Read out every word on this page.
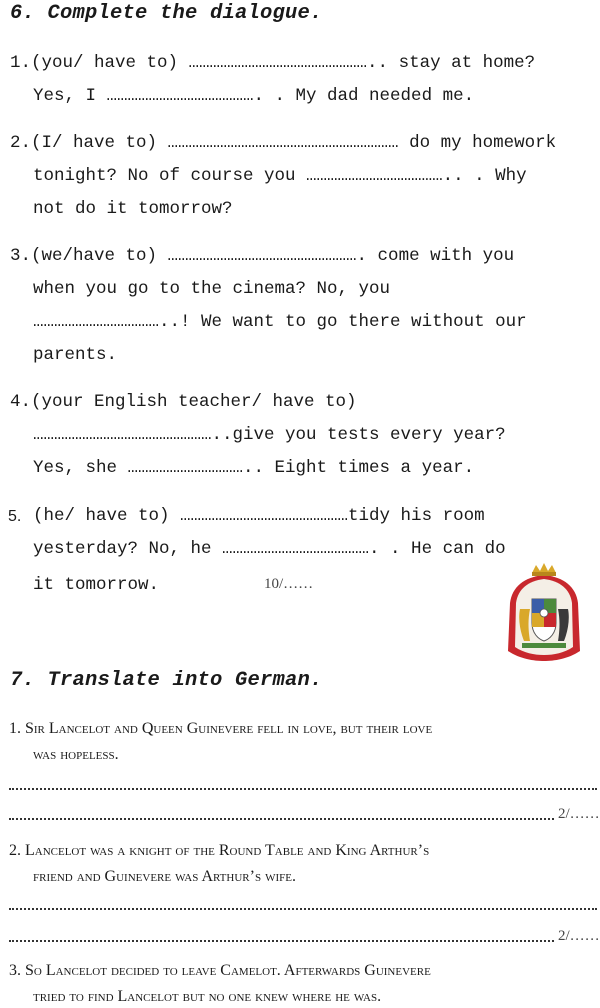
6. Complete the dialogue.
1.(you/ have to) …………………………………………….. stay at home?
Yes, I ……………………………………. . My dad needed me.
2.(I/ have to) ………………………………………………………… do my homework
tonight? No of course you ………………………………….. . Why
not do it tomorrow?
3.(we/have to) ………………………………………………. come with you
when you go to the cinema? No, you
………………………………..! We want to go there without our
parents.
4.(your English teacher/ have to)
……………………………………………..give you tests every year?
Yes, she …………………………….. Eight times a year.
5. (he/ have to) …………………………………………tidy his room
yesterday? No, he ……………………………………. . He can do
it tomorrow.	10/……
7. Translate into German.
1. Sir Lancelot and Queen Guinevere fell in love, but their love
was hopeless.
2/……
2. Lancelot was a knight of the Round Table and King Arthur’s
friend and Guinevere was Arthur’s wife.
2/……
3. So Lancelot decided to leave Camelot. Afterwards Guinevere
tried to find Lancelot but no one knew where he was.
